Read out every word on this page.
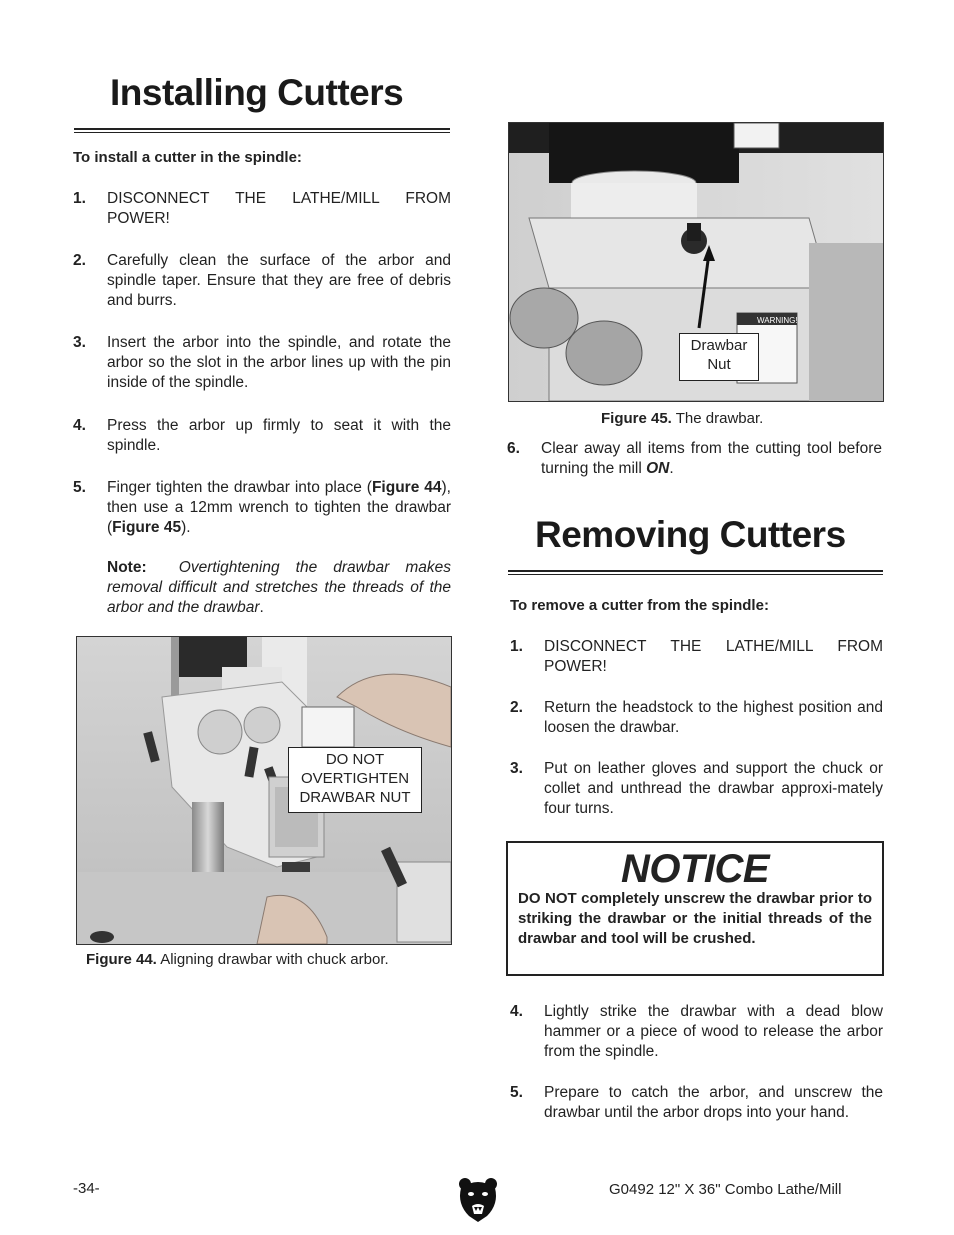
Installing Cutters
To install a cutter in the spindle:
1. DISCONNECT THE LATHE/MILL FROM POWER!
2. Carefully clean the surface of the arbor and spindle taper. Ensure that they are free of debris and burrs.
3. Insert the arbor into the spindle, and rotate the arbor so the slot in the arbor lines up with the pin inside of the spindle.
4. Press the arbor up firmly to seat it with the spindle.
5. Finger tighten the drawbar into place (Figure 44), then use a 12mm wrench to tighten the drawbar (Figure 45).
Note: Overtightening the drawbar makes removal difficult and stretches the threads of the arbor and the drawbar.
DO NOT
OVERTIGHTEN
DRAWBAR NUT
Figure 44. Aligning drawbar with chuck arbor.
WARNING!
Drawbar
Nut
Figure 45. The drawbar.
6. Clear away all items from the cutting tool before turning the mill ON.
Removing Cutters
To remove a cutter from the spindle:
1. DISCONNECT THE LATHE/MILL FROM POWER!
2. Return the headstock to the highest position and loosen the drawbar.
3. Put on leather gloves and support the chuck or collet and unthread the drawbar approxi-mately four turns.
NOTICE
DO NOT completely unscrew the drawbar prior to striking the drawbar or the initial threads of the drawbar and tool will be crushed.
4. Lightly strike the drawbar with a dead blow hammer or a piece of wood to release the arbor from the spindle.
5. Prepare to catch the arbor, and unscrew the drawbar until the arbor drops into your hand.
-34-	G0492 12" X 36" Combo Lathe/Mill
